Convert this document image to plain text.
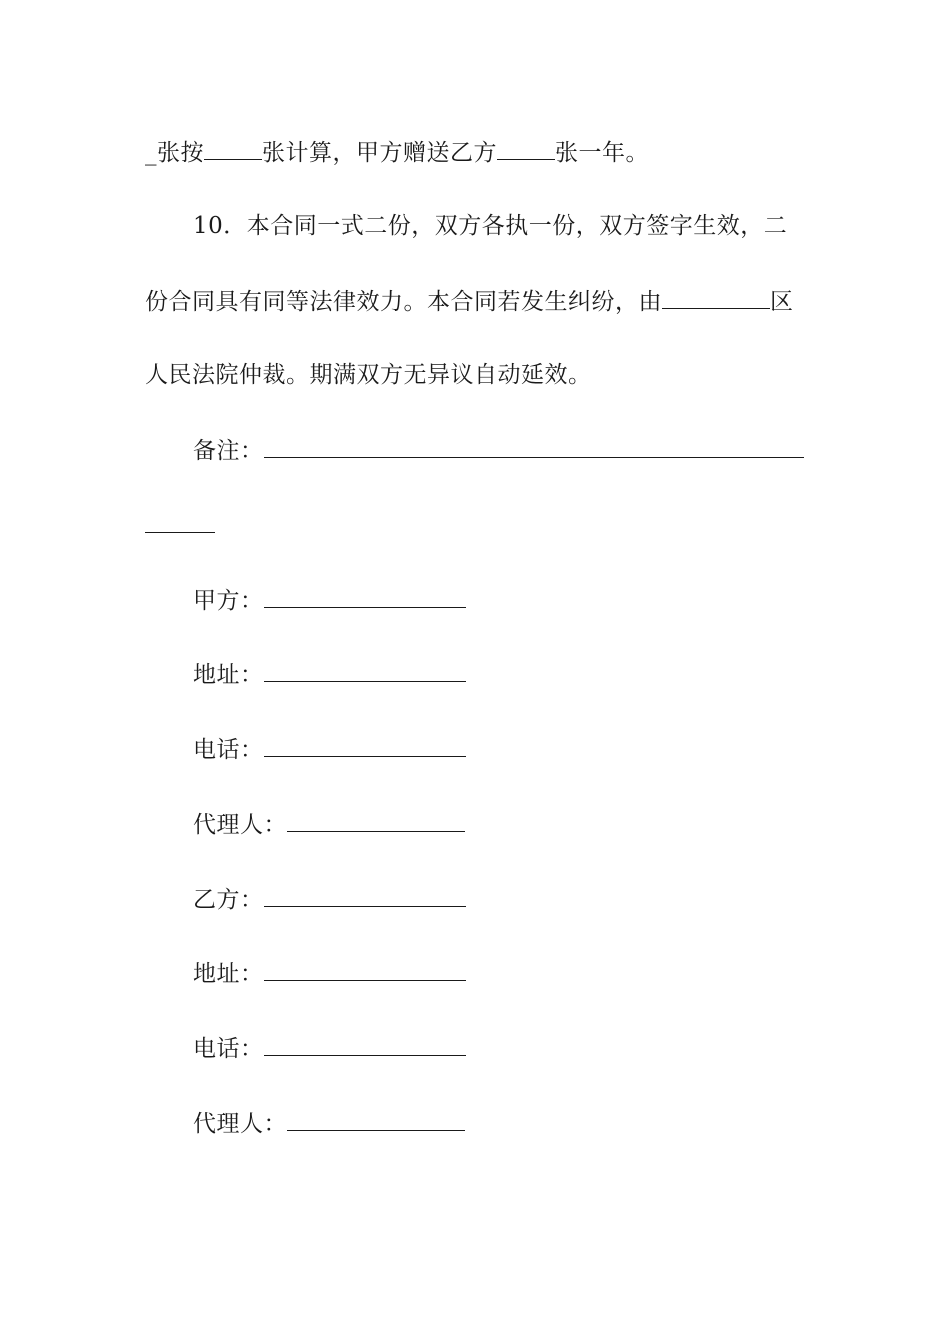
_张按	张计算，甲方赠送乙方	张一年。
10．本合同一式二份，双方各执一份，双方签字生效，二
份合同具有同等法律效力。本合同若发生纠纷，由	区
人民法院仲裁。期满双方无异议自动延效。
备注：
甲方：
地址：
电话：
代理人：
乙方：
地址：
电话：
代理人：
